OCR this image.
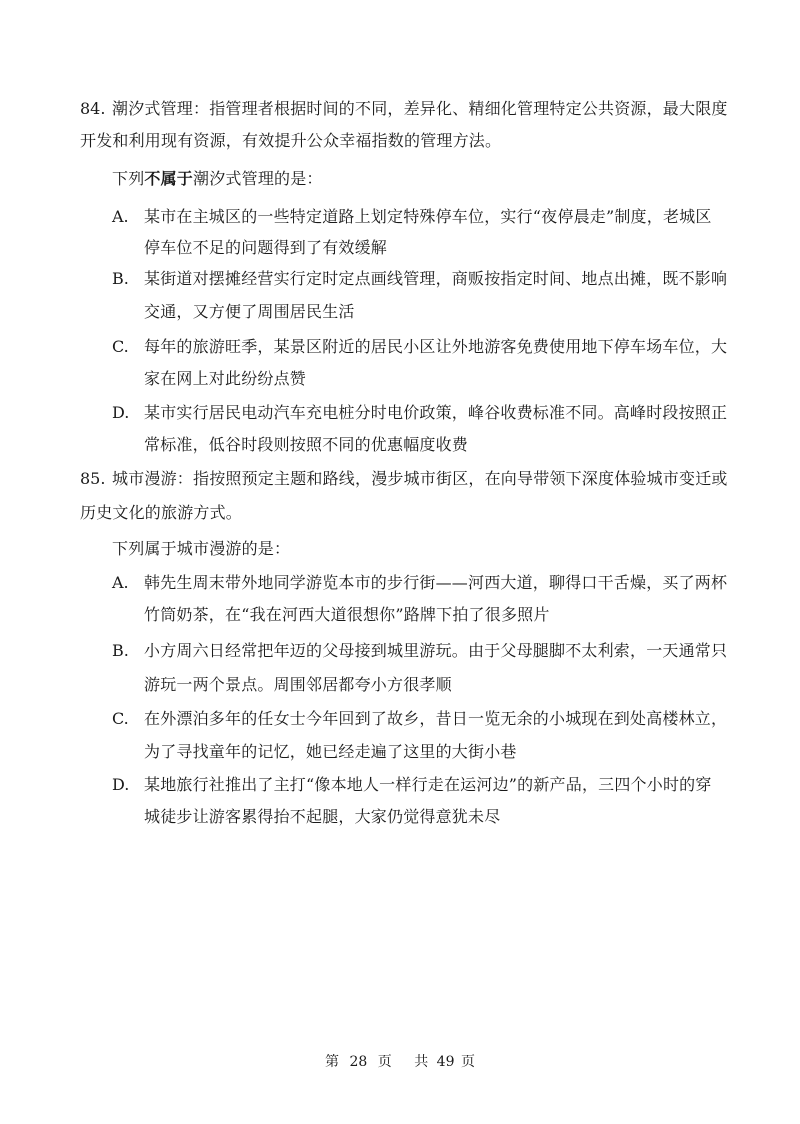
84. 潮汐式管理：指管理者根据时间的不同，差异化、精细化管理特定公共资源，最大限度
开发和利用现有资源，有效提升公众幸福指数的管理方法。
下列不属于潮汐式管理的是：
A. 某市在主城区的一些特定道路上划定特殊停车位，实行“夜停晨走”制度，老城区
停车位不足的问题得到了有效缓解
B. 某街道对摆摊经营实行定时定点画线管理，商贩按指定时间、地点出摊，既不影响
交通，又方便了周围居民生活
C. 每年的旅游旺季，某景区附近的居民小区让外地游客免费使用地下停车场车位，大
家在网上对此纷纷点赞
D. 某市实行居民电动汽车充电桩分时电价政策，峰谷收费标准不同。高峰时段按照正
常标准，低谷时段则按照不同的优惠幅度收费
85. 城市漫游：指按照预定主题和路线，漫步城市街区，在向导带领下深度体验城市变迁或
历史文化的旅游方式。
下列属于城市漫游的是：
A. 韩先生周末带外地同学游览本市的步行街——河西大道，聊得口干舌燥，买了两杯
竹筒奶茶，在“我在河西大道很想你”路牌下拍了很多照片
B. 小方周六日经常把年迈的父母接到城里游玩。由于父母腿脚不太利索，一天通常只
游玩一两个景点。周围邻居都夸小方很孝顺
C. 在外漂泊多年的任女士今年回到了故乡，昔日一览无余的小城现在到处高楼林立，
为了寻找童年的记忆，她已经走遍了这里的大街小巷
D. 某地旅行社推出了主打“像本地人一样行走在运河边”的新产品，三四个小时的穿
城徒步让游客累得抬不起腿，大家仍觉得意犹未尽
第 28 页 共 49 页
